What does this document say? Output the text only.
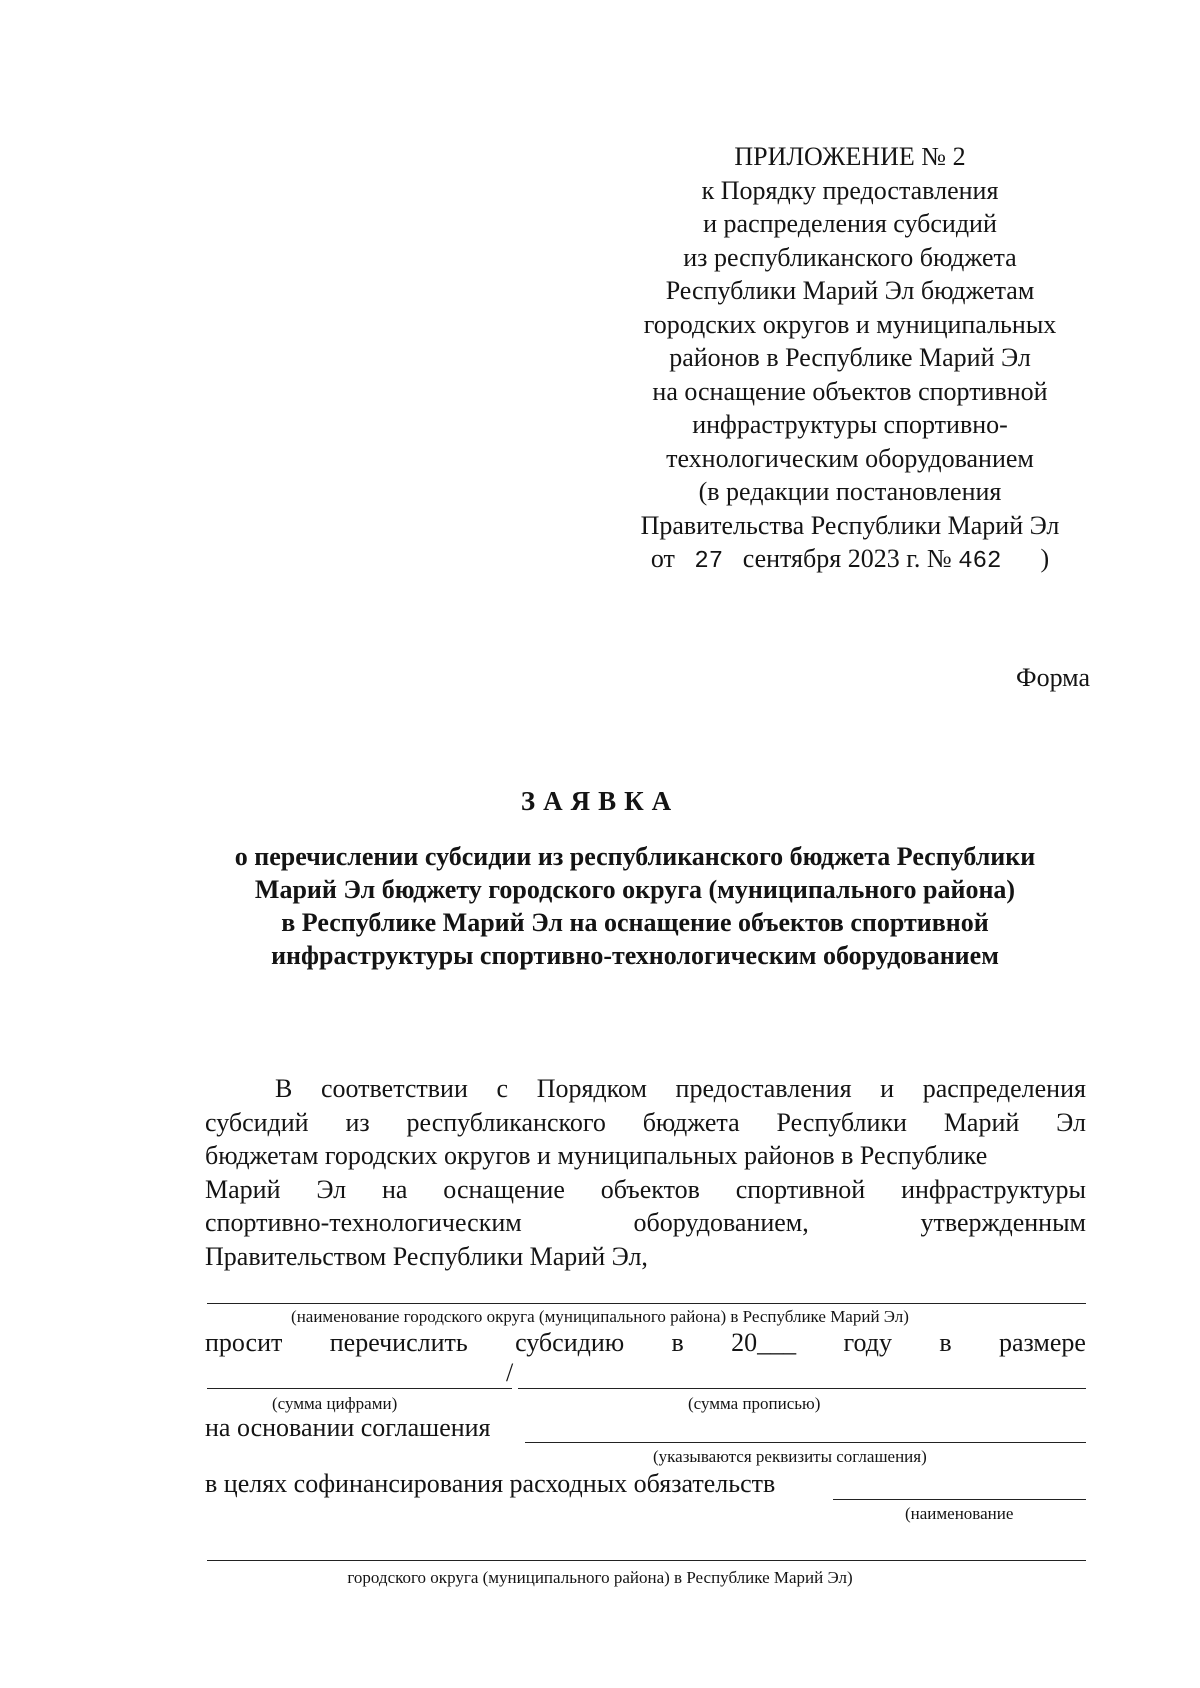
ПРИЛОЖЕНИЕ № 2
к Порядку предоставления
и распределения субсидий
из республиканского бюджета
Республики Марий Эл бюджетам
городских округов и муниципальных
районов в Республике Марий Эл
на оснащение объектов спортивной
инфраструктуры спортивно-
технологическим оборудованием
(в редакции постановления
Правительства Республики Марий Эл
от 27 сентября 2023 г. № 462 )
Форма
ЗАЯВКА
о перечислении субсидии из республиканского бюджета Республики
Марий Эл бюджету городского округа (муниципального района)
в Республике Марий Эл на оснащение объектов спортивной
инфраструктуры спортивно-технологическим оборудованием
В соответствии с Порядком предоставления и распределения
субсидий из республиканского бюджета Республики Марий Эл
бюджетам городских округов и муниципальных районов в Республике
Марий Эл на оснащение объектов спортивной инфраструктуры
спортивно-технологическим	оборудованием,	утвержденным
Правительством Республики Марий Эл,
(наименование городского округа (муниципального района) в Республике Марий Эл)
просит перечислить субсидию в 20___ году в размере
/
(сумма цифрами)	(сумма прописью)
на основании соглашения
(указываются реквизиты соглашения)
в целях софинансирования расходных обязательств
(наименование
городского округа (муниципального района) в Республике Марий Эл)
